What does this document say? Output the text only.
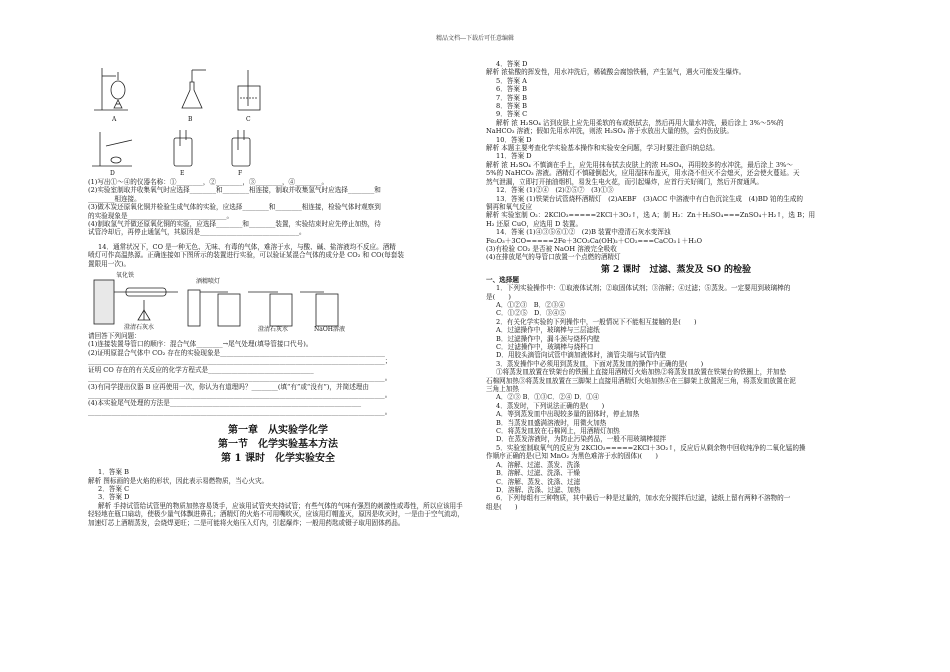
精品文档---下载后可任意编辑
A	B	C
D	E	F
(1)写出①～④的仪器名称：①________，②________，③________，④________。
(2)实验室制取并收集氧气时应选择________和________相连接，制取并收集氢气时应选择________和
________相连接。
(3)做木炭还原氧化铜并检验生成气体的实验，应选择________和________相连接，检验气体时观察到
的实验现象是______________________________。
(4)制取氢气并做还原氧化铜的实验，应选择________和________装置，实验结束时应先停止加热，待
试管冷却后，再停止通氢气，其原因是______________________________。
14．通常状况下，CO 是一种无色、无味、有毒的气体，难溶于水，与酸、碱、盐溶液均不反应。酒精
喷灯可作高温热源。正确连接如下图所示的装置进行实验，可以验证某混合气体的成分是 CO₂ 和 CO(每套装
置限用一次)。
氧化铁
澄清石灰水
酒精喷灯
澄清石灰水	NaOH溶液
请回答下列问题：
(1)连接装置导管口的顺序：混合气体________→尾气处理(填导管接口代号)。
(2)证明原混合气体中 CO₂ 存在的实验现象是__________________________________________________
__________________________________________________________________________________________；
证明 CO 存在的有关反应的化学方程式是________________________________
__________________________________________________________________________________________。
(3)有同学提出仪器 B 应再使用一次，你认为有道理吗？________(填“有”或“没有”)，并简述理由
__________________________________________________________________________________________。
(4)本实验尾气处理的方法是__________________________________________________________
__________________________________________________________________________________________。
第一章　从实验学化学
第一节　化学实验基本方法
第 1 课时　化学实验安全
1．答案 B
解析 图标画的是火焰的形状，因此表示易燃物质，当心火灾。
2．答案 C
3．答案 D
解析 手持试管给试管里的物质加热容易烫手，应该用试管夹夹持试管；有些气体的气味有强烈的刺激性或毒性，所以应该用手轻轻地在瓶口扇动，使极少量气体飘进鼻孔；酒精灯的火焰不可用嘴吹灭，应该用灯帽盖灭，原因是吹灭时，一是由于空气流动，加速灯芯上酒精蒸发，会烧焊更旺；二是可能将火焰压入灯内，引起爆炸；一般用药匙或镊子取用固体药品。
4．答案 D
解析 浓盐酸的挥发性，用水冲洗后，稀硫酸会腐蚀铁桶，产生氢气，遇火可能发生爆炸。
5．答案 A
6．答案 B
7．答案 B
8．答案 B
9．答案 C
解析 浓 H₂SO₄ 沾到皮肤上应先用柔软的布或纸拭去，然后再用大量水冲洗，最后涂上 3%～5%的
NaHCO₃ 溶液；假如先用水冲洗，则浓 H₂SO₄ 溶于水放出大量的热，会灼伤皮肤。
10．答案 D
解析 本题主要考查化学实验基本操作和实验安全问题，学习时要注意归纳总结。
11．答案 D
解析 浓 H₂SO₄ 不慎滴在手上，应先用抹布拭去皮肤上的浓 H₂SO₄，再用较多的水冲洗，最后涂上 3%～
5%的 NaHCO₃ 溶液。酒精灯不慎碰倒起火，应用湿抹布盖灭，用水浇不但灭不会熄灭，还会使火蔓延。天
然气泄漏，立即打开抽油烟机，易发生电火花，而引起爆炸，应首行关好阀门，然后开窗通风。
12．答案 (1)②④　(2)②⑤⑦　(3)①③
13．答案 (1)铁架台试管烧杯酒精灯　(2)AEBF　(3)ACC 中溶液中有白色沉淀生成　(4)BD 铂的生成的
铜再和氧气反应
解析 实验室制 O₂：2KClO₃=====2KCl＋3O₂↑，选 A；制 H₂：Zn＋H₂SO₄===ZnSO₄＋H₂↑，选 B；用
H₂ 还原 CuO，应选用 D 装置。
14．答案 (1)④③⑤⑥①②　(2)B 装置中澄清石灰水变浑浊
Fe₂O₃＋3CO=====2Fe＋3CO₂Ca(OH)₂＋CO₂===CaCO₃↓＋H₂O
(3)有检验 CO₂ 是否被 NaOH 溶液完全吸收
(4)在排放尾气的导管口放置一个点燃的酒精灯
第 2 课时　过滤、蒸发及 SO 的检验
一、选择题
1．下列实验操作中：①取液体试剂；②取固体试剂；③溶解；④过滤；⑤蒸发。一定要用到玻璃棒的
是(　　)
A．①②③　B．②③④
C．①②⑤　D．③④⑤
2．有关化学实验的下列操作中，一般情况下不能相互接触的是(　　)
A．过滤操作中，玻璃棒与三层滤纸
B．过滤操作中，漏斗颈与烧杯内壁
C．过滤操作中，玻璃棒与烧杯口
D．用胶头滴管向试管中滴加液体时，滴管尖端与试管内壁
3．蒸发操作中必须用到蒸发皿，下面对蒸发皿的操作中正确的是(　　)
①将蒸发皿放置在铁架台的铁圈上直接用酒精灯火焰加热②将蒸发皿放置在铁架台的铁圈上，并加垫
石棉网加热③将蒸发皿放置在三脚架上直接用酒精灯火焰加热④在三脚架上放置泥三角，将蒸发皿放置在泥
三角上加热
A．②③ B．①③C．②④ D．①④
4．蒸发时，下列说法正确的是(　　)
A．等到蒸发皿中出现较多量的固体时，停止加热
B．当蒸发皿盛满溶液时，用微火加热
C．将蒸发皿放在石棉网上，用酒精灯加热
D．在蒸发溶液时，为防止污染药品，一般不用玻璃棒搅拌
5．实验室制取氧气的反应为 2KClO₃=====2KCl＋3O₂↑，反应后从剩余物中回收纯净的二氧化锰的操
作顺序正确的是(已知 MnO₂ 为黑色难溶于水的固体)(　　)
A．溶解、过滤、蒸发、洗涤
B．溶解、过滤、洗涤、干燥
C．溶解、蒸发、洗涤、过滤
D．溶解、洗涤、过滤、加热
6．下列每组有三种物质，其中最后一种是过量的，加水充分搅拌后过滤，滤纸上留有两种不溶物的一
组是(　　)
